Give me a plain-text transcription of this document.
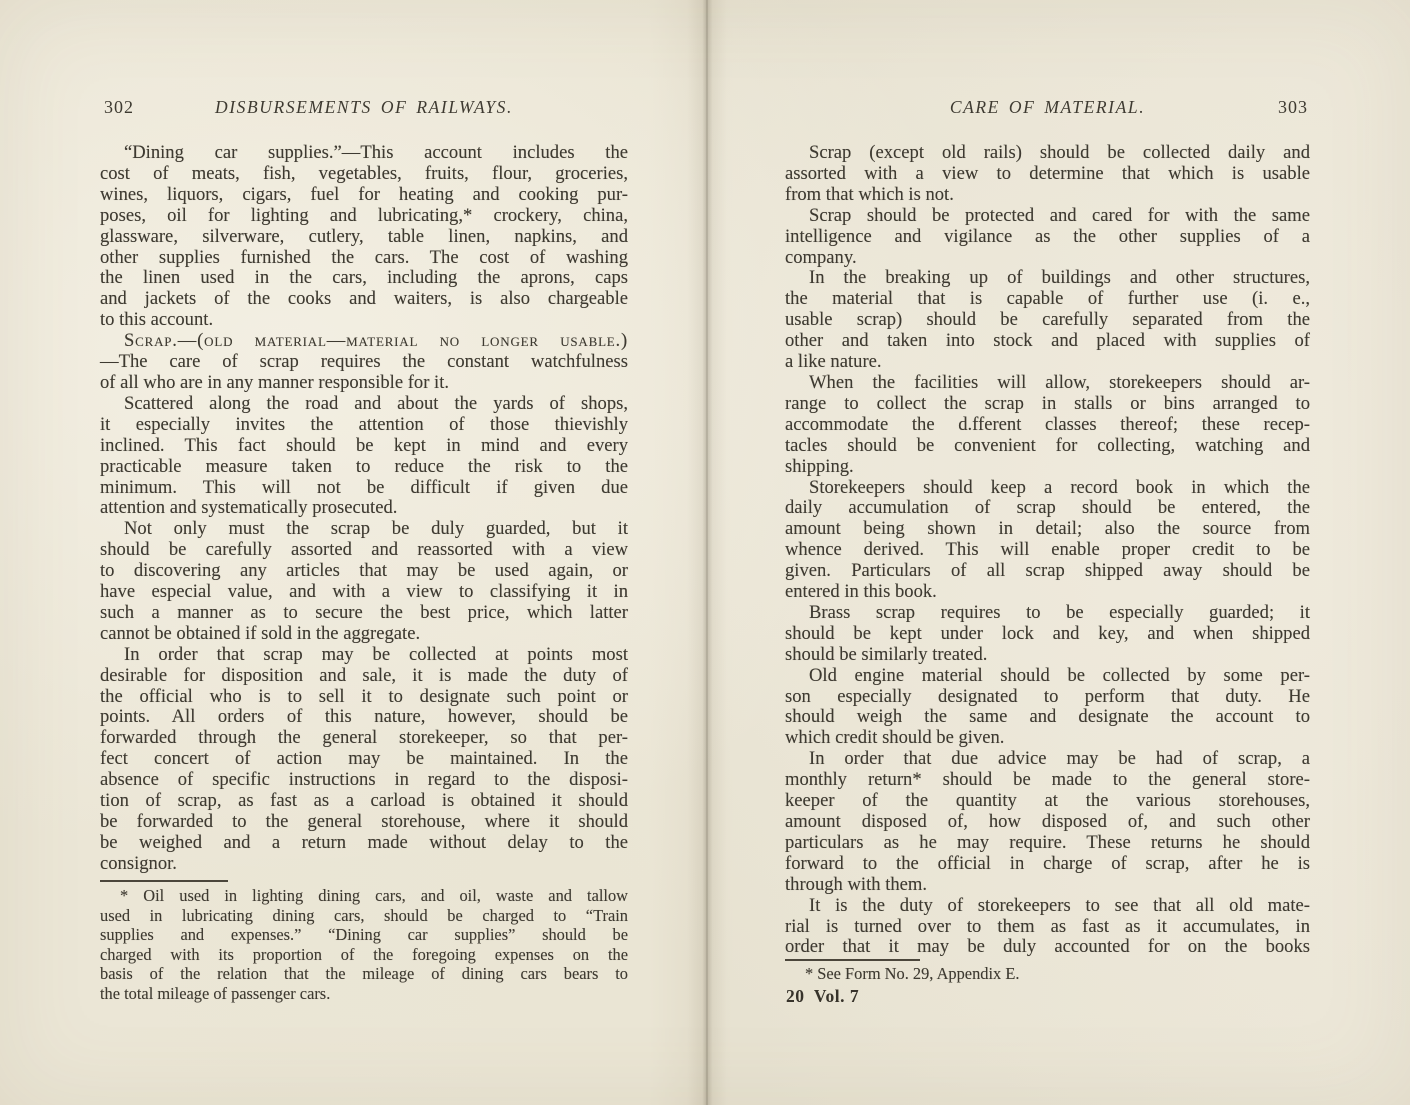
302	DISBURSEMENTS OF RAILWAYS.
“Dining car supplies.”—This account includes the
cost of meats, fish, vegetables, fruits, flour, groceries,
wines, liquors, cigars, fuel for heating and cooking pur-
poses, oil for lighting and lubricating,* crockery, china,
glassware, silverware, cutlery, table linen, napkins, and
other supplies furnished the cars. The cost of washing
the linen used in the cars, including the aprons, caps
and jackets of the cooks and waiters, is also chargeable
to this account.
Scrap.—(old material—material no longer usable.)
—The care of scrap requires the constant watchfulness
of all who are in any manner responsible for it.
Scattered along the road and about the yards of shops,
it especially invites the attention of those thievishly
inclined. This fact should be kept in mind and every
practicable measure taken to reduce the risk to the
minimum. This will not be difficult if given due
attention and systematically prosecuted.
Not only must the scrap be duly guarded, but it
should be carefully assorted and reassorted with a view
to discovering any articles that may be used again, or
have especial value, and with a view to classifying it in
such a manner as to secure the best price, which latter
cannot be obtained if sold in the aggregate.
In order that scrap may be collected at points most
desirable for disposition and sale, it is made the duty of
the official who is to sell it to designate such point or
points. All orders of this nature, however, should be
forwarded through the general storekeeper, so that per-
fect concert of action may be maintained. In the
absence of specific instructions in regard to the disposi-
tion of scrap, as fast as a carload is obtained it should
be forwarded to the general storehouse, where it should
be weighed and a return made without delay to the
consignor.
* Oil used in lighting dining cars, and oil, waste and tallow
used in lubricating dining cars, should be charged to “Train
supplies and expenses.” “Dining car supplies” should be
charged with its proportion of the foregoing expenses on the
basis of the relation that the mileage of dining cars bears to
the total mileage of passenger cars.
CARE OF MATERIAL.	303
Scrap (except old rails) should be collected daily and
assorted with a view to determine that which is usable
from that which is not.
Scrap should be protected and cared for with the same
intelligence and vigilance as the other supplies of a
company.
In the breaking up of buildings and other structures,
the material that is capable of further use (i. e.,
usable scrap) should be carefully separated from the
other and taken into stock and placed with supplies of
a like nature.
When the facilities will allow, storekeepers should ar-
range to collect the scrap in stalls or bins arranged to
accommodate the d.fferent classes thereof; these recep-
tacles should be convenient for collecting, watching and
shipping.
Storekeepers should keep a record book in which the
daily accumulation of scrap should be entered, the
amount being shown in detail; also the source from
whence derived. This will enable proper credit to be
given. Particulars of all scrap shipped away should be
entered in this book.
Brass scrap requires to be especially guarded; it
should be kept under lock and key, and when shipped
should be similarly treated.
Old engine material should be collected by some per-
son especially designated to perform that duty. He
should weigh the same and designate the account to
which credit should be given.
In order that due advice may be had of scrap, a
monthly return* should be made to the general store-
keeper of the quantity at the various storehouses,
amount disposed of, how disposed of, and such other
particulars as he may require. These returns he should
forward to the official in charge of scrap, after he is
through with them.
It is the duty of storekeepers to see that all old mate-
rial is turned over to them as fast as it accumulates, in
order that it may be duly accounted for on the books
* See Form No. 29, Appendix E.
20  Vol. 7
